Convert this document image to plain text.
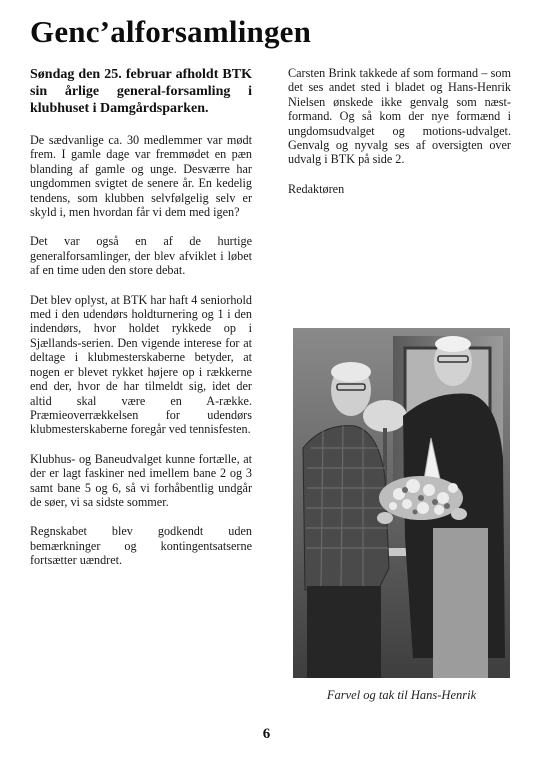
Genc’alforsamlingen

Søndag den 25. februar afholdt BTK sin årlige general-forsamling i klubhuset i Damgårdsparken.

De sædvanlige ca. 30 medlemmer var mødt frem. I gamle dage var fremmødet en pæn blanding af gamle og unge. Desværre har ungdommen svigtet de senere år. En kedelig tendens, som klubben selvfølgelig selv er skyld i, men hvordan får vi dem med igen?

Det var også en af de hurtige generalforsamlinger, der blev afviklet i løbet af en time uden den store debat.

Det blev oplyst, at BTK har haft 4 seniorhold med i den udendørs holdturnering og 1 i den indendørs, hvor holdet rykkede op i Sjællands-serien. Den vigende interese for at deltage i klubmesterskaberne betyder, at nogen er blevet rykket højere op i rækkerne end der, hvor de har tilmeldt sig, idet der altid skal være en A-række. Præmieoverrækkelsen for udendørs klubmesterskaberne foregår ved tennisfesten.

Klubhus- og Baneudvalget kunne fortælle, at der er lagt faskiner ned imellem bane 2 og 3 samt bane 5 og 6, så vi forhåbentlig undgår de søer, vi sa sidste sommer.

Regnskabet blev godkendt uden bemærkninger og kontingentsatserne fortsætter uændret.

Carsten Brink takkede af som formand – som det ses andet sted i bladet og Hans-Henrik Nielsen ønskede ikke genvalg som næst-formand. Og så kom der nye formænd i ungdomsudvalget og motions-udvalget. Genvalg og nyvalg ses af oversigten over udvalg i BTK på side 2.

Redaktøren

Farvel og tak til Hans-Henrik

6
